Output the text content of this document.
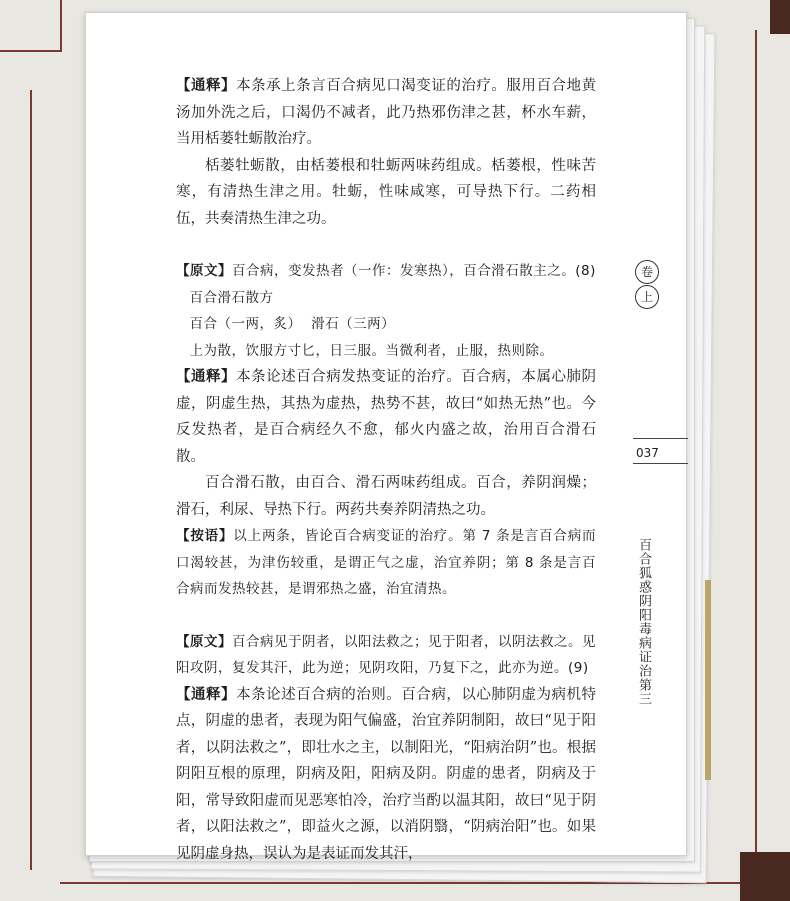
【通释】本条承上条言百合病见口渴变证的治疗。服用百合地黄汤加外洗之后，口渴仍不减者，此乃热邪伤津之甚，杯水车薪，当用栝蒌牡蛎散治疗。

栝蒌牡蛎散，由栝蒌根和牡蛎两味药组成。栝蒌根，性味苦寒，有清热生津之用。牡蛎，性味咸寒，可导热下行。二药相伍，共奏清热生津之功。

【原文】百合病，变发热者（一作：发寒热），百合滑石散主之。(8)

百合滑石散方

百合（一两，炙）  滑石（三两）

上为散，饮服方寸匕，日三服。当微利者，止服，热则除。

【通释】本条论述百合病发热变证的治疗。百合病，本属心肺阴虚，阴虚生热，其热为虚热，热势不甚，故曰“如热无热”也。今反发热者，是百合病经久不愈，郁火内盛之故，治用百合滑石散。

百合滑石散，由百合、滑石两味药组成。百合，养阴润燥；滑石，利尿、导热下行。两药共奏养阴清热之功。

【按语】以上两条，皆论百合病变证的治疗。第 7 条是言百合病而口渴较甚，为津伤较重，是谓正气之虚，治宜养阴；第 8 条是言百合病而发热较甚，是谓邪热之盛，治宜清热。

【原文】百合病见于阴者，以阳法救之；见于阳者，以阴法救之。见阳攻阴，复发其汗，此为逆；见阴攻阳，乃复下之，此亦为逆。(9)

【通释】本条论述百合病的治则。百合病，以心肺阴虚为病机特点，阴虚的患者，表现为阳气偏盛，治宜养阴制阳，故曰“见于阳者，以阴法救之”，即壮水之主，以制阳光，“阳病治阴”也。根据阴阳互根的原理，阴病及阳，阳病及阴。阴虚的患者，阴病及于阳，常导致阳虚而见恶寒怕冷，治疗当酌以温其阳，故曰“见于阴者，以阳法救之”，即益火之源，以消阴翳，“阴病治阳”也。如果见阴虚身热，误认为是表证而发其汗，

卷
上
037
百合狐惑阴阳毒病证治第三
